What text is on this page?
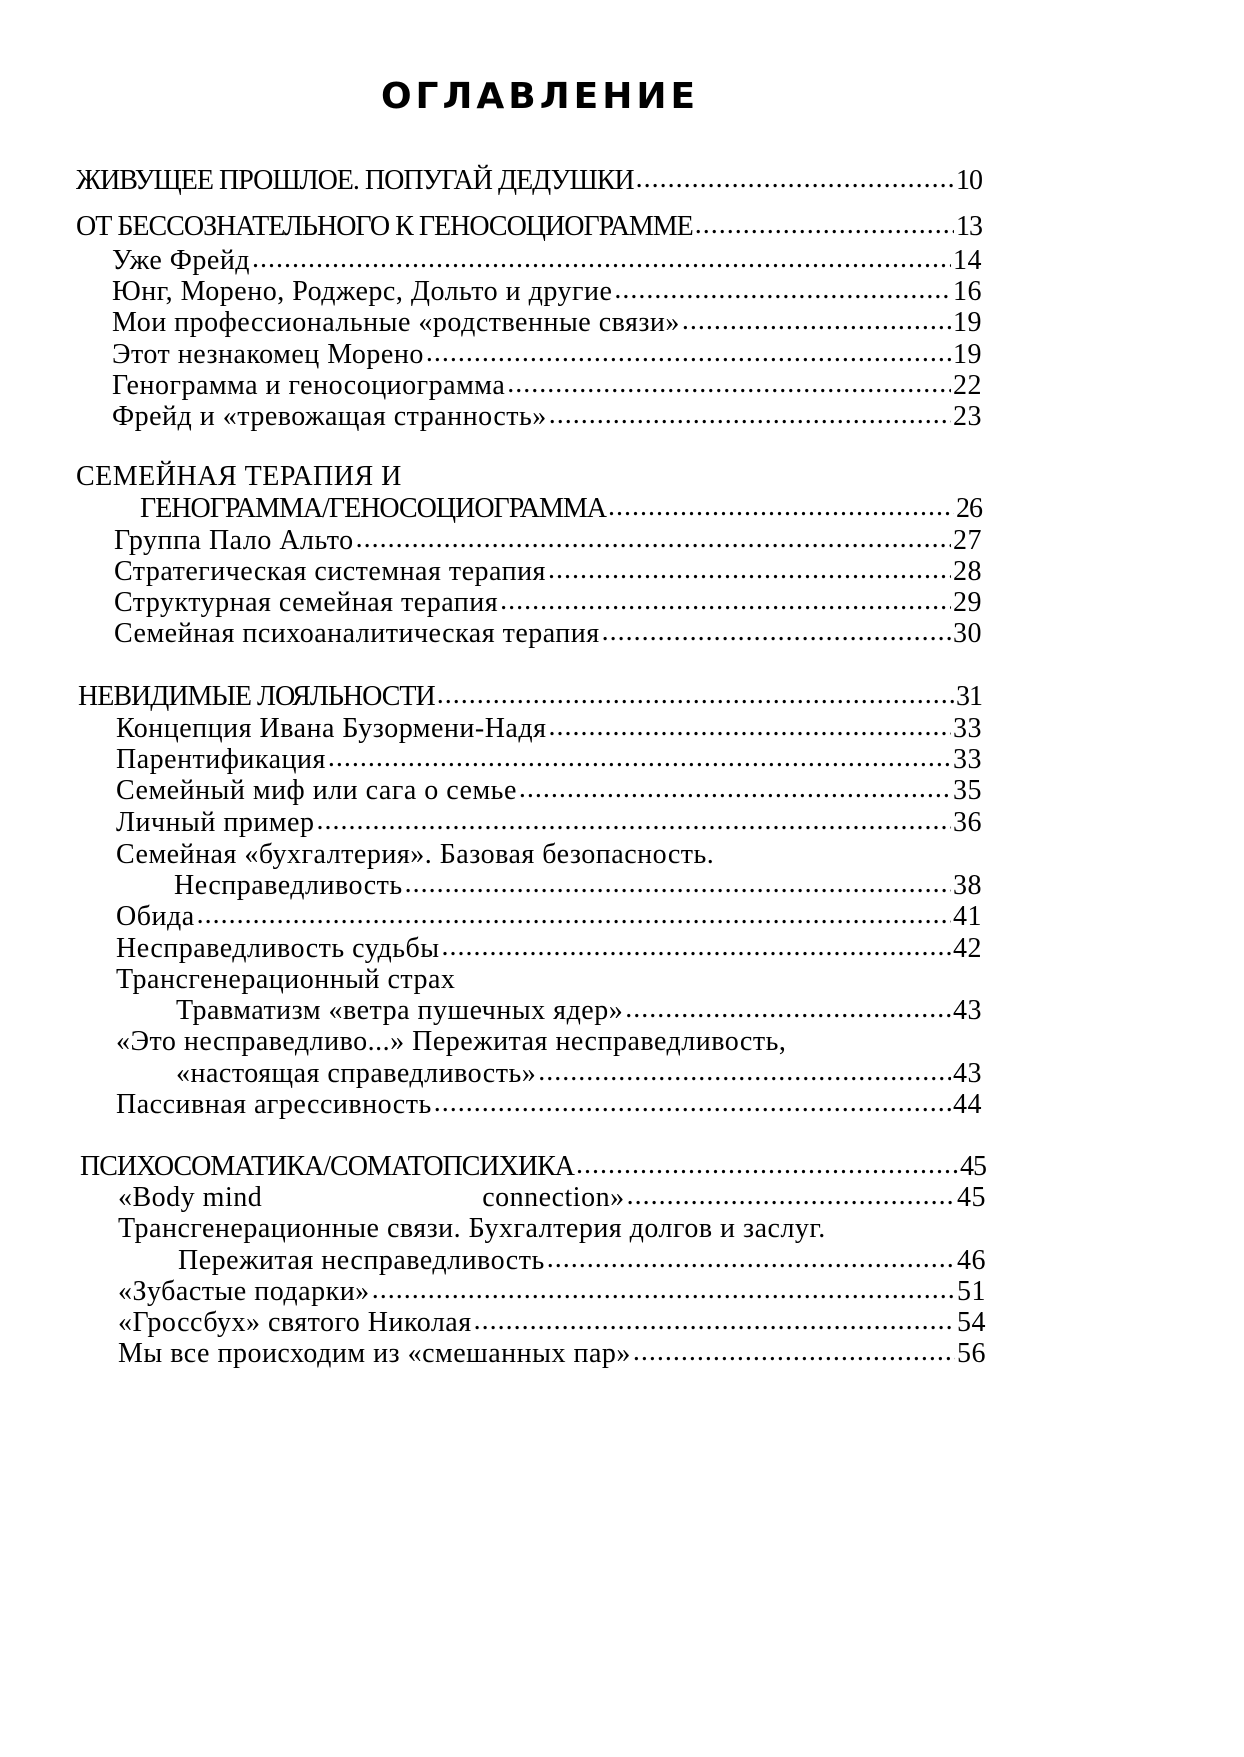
ОГЛАВЛЕНИЕ
ЖИВУЩЕЕ ПРОШЛОЕ. ПОПУГАЙ ДЕДУШКИ .....	10
ОТ БЕССОЗНАТЕЛЬНОГО К ГЕНОСОЦИОГРАММЕ .....	13
Уже Фрейд .....	14
Юнг, Морено, Роджерс, Дольто и другие .....	16
Мои профессиональные «родственные связи» .....	19
Этот незнакомец Морено .....	19
Генограмма и геносоциограмма .....	22
Фрейд и «тревожащая странность» .....	23
СЕМЕЙНАЯ ТЕРАПИЯ И
ГЕНОГРАММА/ГЕНОСОЦИОГРАММА .....	26
Группа Пало Альто .....	27
Стратегическая системная терапия .....	28
Структурная семейная терапия .....	29
Семейная психоаналитическая терапия .....	30
НЕВИДИМЫЕ ЛОЯЛЬНОСТИ .....	31
Концепция Ивана Бузормени-Надя .....	33
Парентификация .....	33
Семейный миф или сага о семье .....	35
Личный пример .....	36
Семейная «бухгалтерия». Базовая безопасность.
Несправедливость .....	38
Обида .....	41
Несправедливость судьбы .....	42
Трансгенерационный страх
Травматизм «ветра пушечных ядер» .....	43
«Это несправедливо...» Пережитая несправедливость,
«настоящая справедливость» .....	43
Пассивная агрессивность .....	44
ПСИХОСОМАТИКА/СОМАТОПСИХИКА .....	45
«Body mind	connection» .....	45
Трансгенерационные связи. Бухгалтерия долгов и заслуг.
Пережитая несправедливость .....	46
«Зубастые подарки» .....	51
«Гроссбух» святого Николая .....	54
Мы все происходим из «смешанных пар» .....	56
